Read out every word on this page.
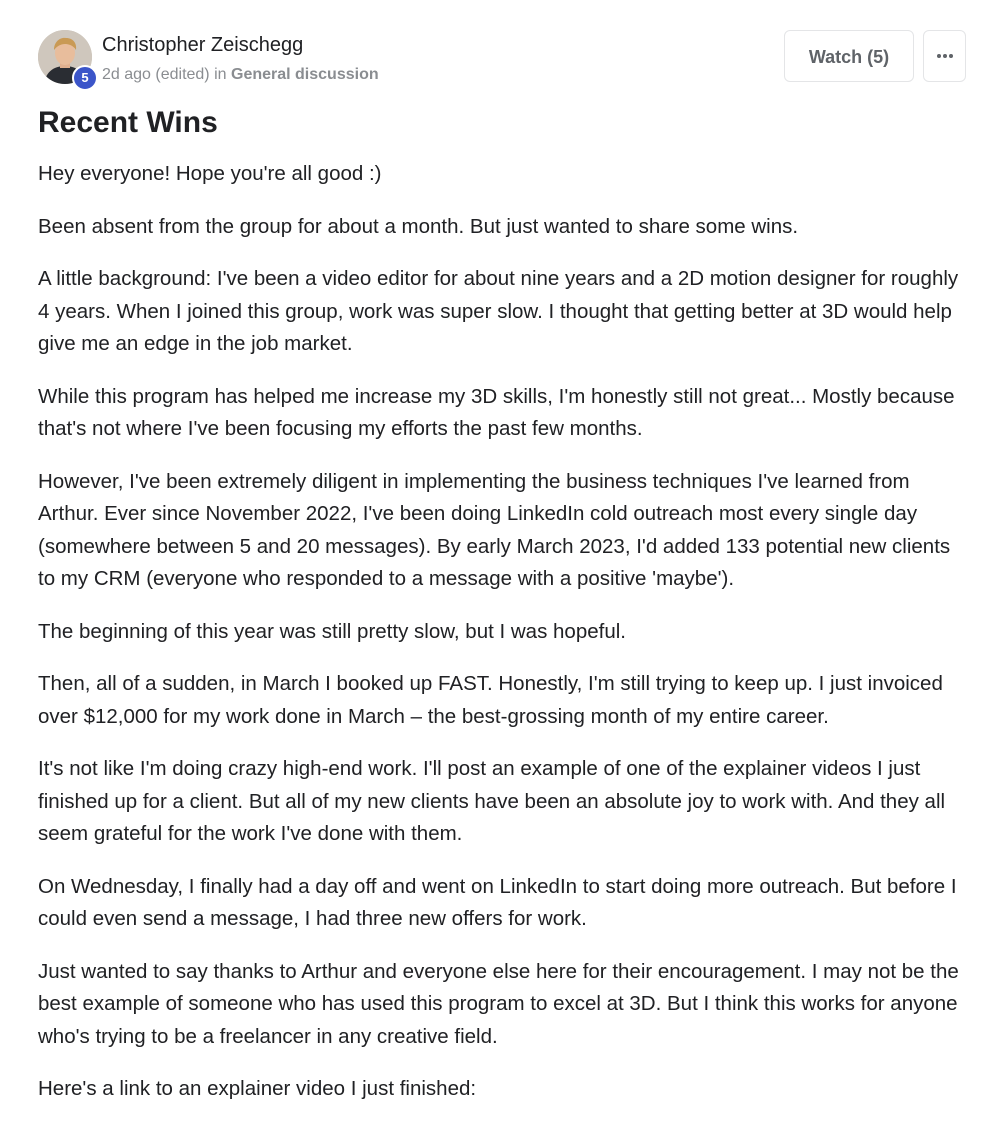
5
Christopher Zeischegg
2d ago (edited) in General discussion
Watch (5)
Recent Wins

Hey everyone! Hope you're all good :)

Been absent from the group for about a month. But just wanted to share some wins.

A little background: I've been a video editor for about nine years and a 2D motion designer for roughly 4 years. When I joined this group, work was super slow. I thought that getting better at 3D would help give me an edge in the job market.

While this program has helped me increase my 3D skills, I'm honestly still not great... Mostly because that's not where I've been focusing my efforts the past few months.

However, I've been extremely diligent in implementing the business techniques I've learned from Arthur. Ever since November 2022, I've been doing LinkedIn cold outreach most every single day (somewhere between 5 and 20 messages). By early March 2023, I'd added 133 potential new clients to my CRM (everyone who responded to a message with a positive 'maybe').

The beginning of this year was still pretty slow, but I was hopeful.

Then, all of a sudden, in March I booked up FAST. Honestly, I'm still trying to keep up. I just invoiced over $12,000 for my work done in March – the best-grossing month of my entire career.

It's not like I'm doing crazy high-end work. I'll post an example of one of the explainer videos I just finished up for a client. But all of my new clients have been an absolute joy to work with. And they all seem grateful for the work I've done with them.

On Wednesday, I finally had a day off and went on LinkedIn to start doing more outreach. But before I could even send a message, I had three new offers for work.

Just wanted to say thanks to Arthur and everyone else here for their encouragement. I may not be the best example of someone who has used this program to excel at 3D. But I think this works for anyone who's trying to be a freelancer in any creative field.

Here's a link to an explainer video I just finished:
